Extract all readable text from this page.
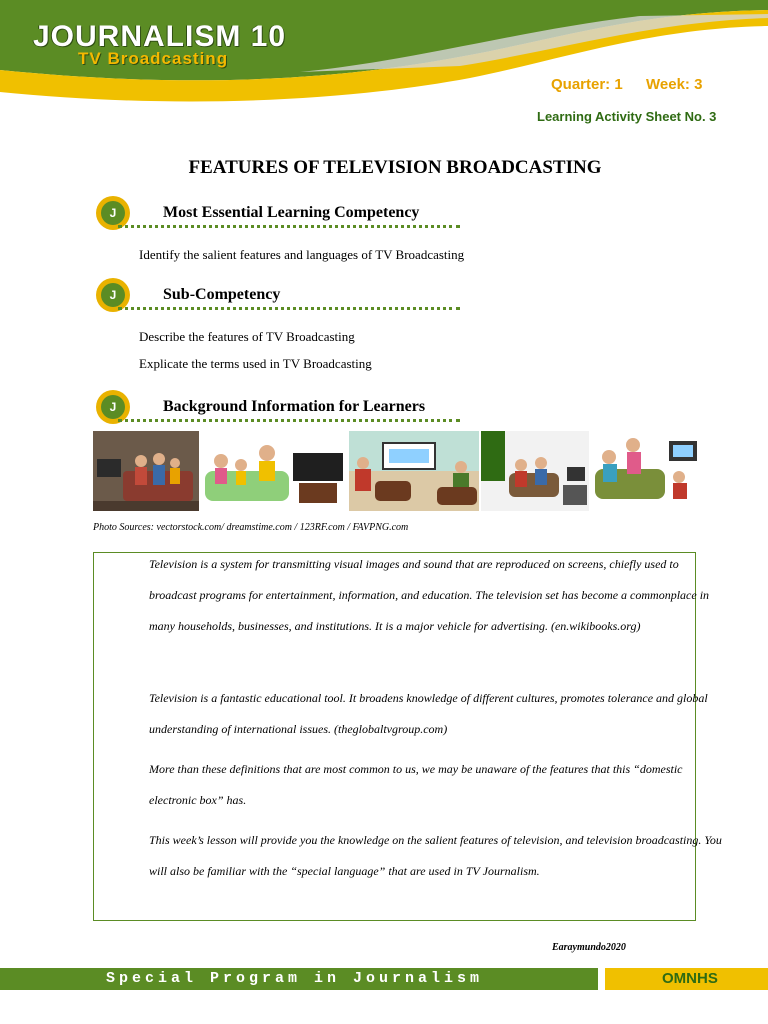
JOURNALISM 10
TV Broadcasting
Quarter: 1 Week: 3
Learning Activity Sheet No. 3
FEATURES OF TELEVISION BROADCASTING
J	Most Essential Learning Competency
Identify the salient features and languages of TV Broadcasting
J	Sub-Competency
Describe the features of TV Broadcasting
Explicate the terms used in TV Broadcasting
J	Background Information for Learners
Photo Sources: vectorstock.com/ dreamstime.com / 123RF.com / FAVPNG.com

Television is a system for transmitting visual images and sound that are reproduced on screens, chiefly used to broadcast programs for entertainment, information, and education. The television set has become a commonplace in many households, businesses, and institutions. It is a major vehicle for advertising. (en.wikibooks.org)

Television is a fantastic educational tool. It broadens knowledge of different cultures, promotes tolerance and global understanding of international issues. (theglobaltvgroup.com)

More than these definitions that are most common to us, we may be unaware of the features that this “domestic electronic box” has.

This week’s lesson will provide you the knowledge on the salient features of television, and television broadcasting. You will also be familiar with the “special language” that are used in TV Journalism.

Earaymundo2020
Special Program in Journalism	OMNHS
